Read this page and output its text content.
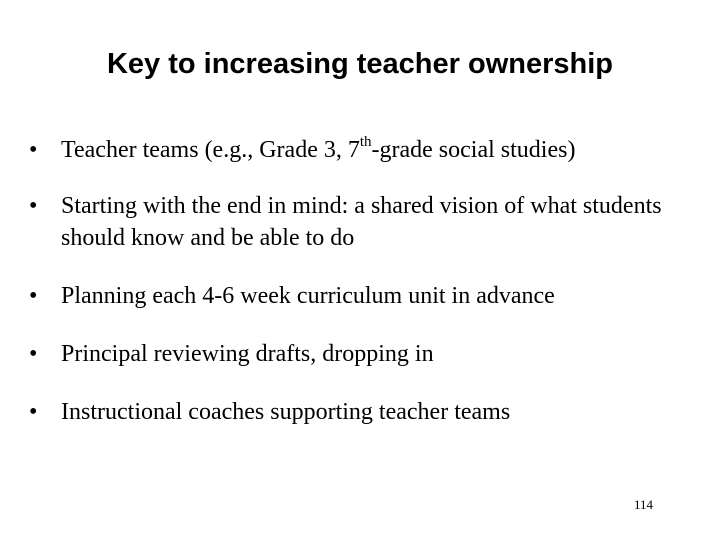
Key to increasing teacher ownership
• Teacher teams (e.g., Grade 3, 7th-grade social studies)
• Starting with the end in mind: a shared vision of what students should know and be able to do
• Planning each 4-6 week curriculum unit in advance
• Principal reviewing drafts, dropping in
• Instructional coaches supporting teacher teams
114
